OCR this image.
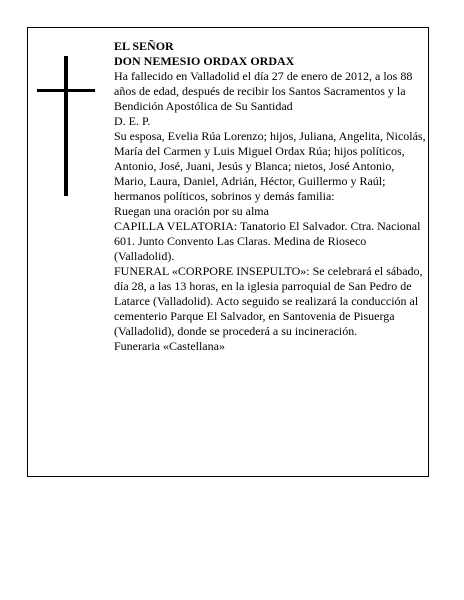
EL SEÑOR

DON NEMESIO ORDAX ORDAX

Ha fallecido en Valladolid el día 27 de enero de 2012, a los 88 años de edad, después de recibir los Santos Sacramentos y la Bendición Apostólica de Su Santidad

D. E. P.

Su esposa, Evelia Rúa Lorenzo; hijos, Juliana, Angelita, Nicolás, María del Carmen y Luis Miguel Ordax Rúa; hijos políticos, Antonio, José, Juani, Jesús y Blanca; nietos, José Antonio, Mario, Laura, Daniel, Adrián, Héctor, Guillermo y Raúl; hermanos políticos, sobrinos y demás familia:

Ruegan una oración por su alma

CAPILLA VELATORIA: Tanatorio El Salvador. Ctra. Nacional 601. Junto Convento Las Claras. Medina de Rioseco (Valladolid).

FUNERAL «CORPORE INSEPULTO»: Se celebrará el sábado, día 28, a las 13 horas, en la iglesia parroquial de San Pedro de Latarce (Valladolid). Acto seguido se realizará la conducción al cementerio Parque El Salvador, en Santovenia de Pisuerga (Valladolid), donde se procederá a su incineración.

Funeraria «Castellana»
